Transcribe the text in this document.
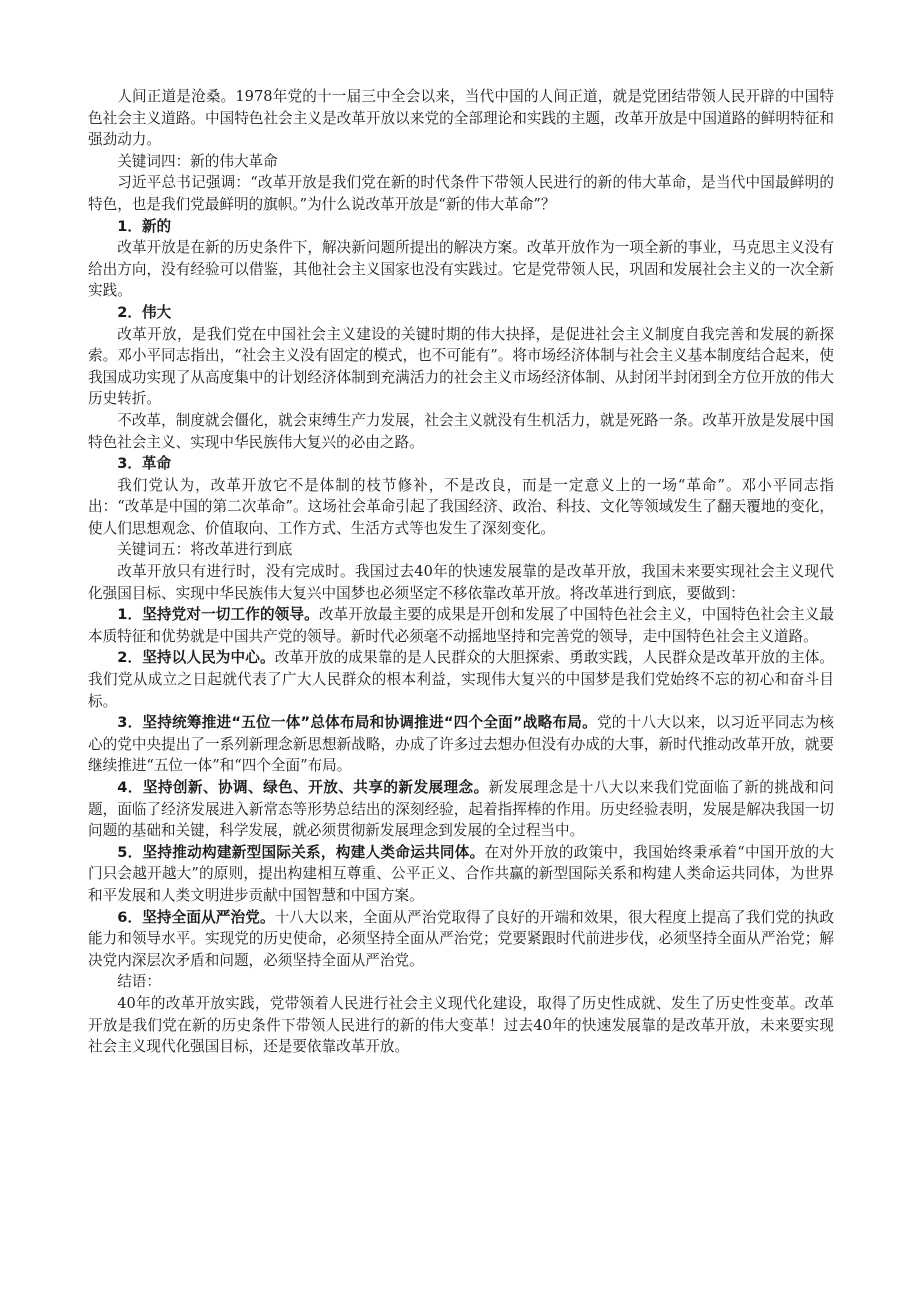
人间正道是沧桑。1978年党的十一届三中全会以来，当代中国的人间正道，就是党团结带领人民开辟的中国特色社会主义道路。中国特色社会主义是改革开放以来党的全部理论和实践的主题，改革开放是中国道路的鲜明特征和强劲动力。

关键词四：新的伟大革命

习近平总书记强调：“改革开放是我们党在新的时代条件下带领人民进行的新的伟大革命，是当代中国最鲜明的特色，也是我们党最鲜明的旗帜。”为什么说改革开放是“新的伟大革命”？

1．新的

改革开放是在新的历史条件下，解决新问题所提出的解决方案。改革开放作为一项全新的事业，马克思主义没有给出方向，没有经验可以借鉴，其他社会主义国家也没有实践过。它是党带领人民，巩固和发展社会主义的一次全新实践。

2．伟大

改革开放，是我们党在中国社会主义建设的关键时期的伟大抉择，是促进社会主义制度自我完善和发展的新探索。邓小平同志指出，“社会主义没有固定的模式，也不可能有”。将市场经济体制与社会主义基本制度结合起来，使我国成功实现了从高度集中的计划经济体制到充满活力的社会主义市场经济体制、从封闭半封闭到全方位开放的伟大历史转折。

不改革，制度就会僵化，就会束缚生产力发展，社会主义就没有生机活力，就是死路一条。改革开放是发展中国特色社会主义、实现中华民族伟大复兴的必由之路。

3．革命

我们党认为，改革开放它不是体制的枝节修补，不是改良，而是一定意义上的一场“革命”。邓小平同志指出：“改革是中国的第二次革命”。这场社会革命引起了我国经济、政治、科技、文化等领域发生了翻天覆地的变化，使人们思想观念、价值取向、工作方式、生活方式等也发生了深刻变化。

关键词五：将改革进行到底

改革开放只有进行时，没有完成时。我国过去40年的快速发展靠的是改革开放，我国未来要实现社会主义现代化强国目标、实现中华民族伟大复兴中国梦也必须坚定不移依靠改革开放。将改革进行到底，要做到：

1．坚持党对一切工作的领导。改革开放最主要的成果是开创和发展了中国特色社会主义，中国特色社会主义最本质特征和优势就是中国共产党的领导。新时代必须毫不动摇地坚持和完善党的领导，走中国特色社会主义道路。

2．坚持以人民为中心。改革开放的成果靠的是人民群众的大胆探索、勇敢实践，人民群众是改革开放的主体。我们党从成立之日起就代表了广大人民群众的根本利益，实现伟大复兴的中国梦是我们党始终不忘的初心和奋斗目标。

3．坚持统筹推进“五位一体”总体布局和协调推进“四个全面”战略布局。党的十八大以来，以习近平同志为核心的党中央提出了一系列新理念新思想新战略，办成了许多过去想办但没有办成的大事，新时代推动改革开放，就要继续推进“五位一体”和“四个全面”布局。

4．坚持创新、协调、绿色、开放、共享的新发展理念。新发展理念是十八大以来我们党面临了新的挑战和问题，面临了经济发展进入新常态等形势总结出的深刻经验，起着指挥棒的作用。历史经验表明，发展是解决我国一切问题的基础和关键，科学发展，就必须贯彻新发展理念到发展的全过程当中。

5．坚持推动构建新型国际关系，构建人类命运共同体。在对外开放的政策中，我国始终秉承着“中国开放的大门只会越开越大”的原则，提出构建相互尊重、公平正义、合作共赢的新型国际关系和构建人类命运共同体，为世界和平发展和人类文明进步贡献中国智慧和中国方案。

6．坚持全面从严治党。十八大以来，全面从严治党取得了良好的开端和效果，很大程度上提高了我们党的执政能力和领导水平。实现党的历史使命，必须坚持全面从严治党；党要紧跟时代前进步伐，必须坚持全面从严治党；解决党内深层次矛盾和问题，必须坚持全面从严治党。

结语：

40年的改革开放实践，党带领着人民进行社会主义现代化建设，取得了历史性成就、发生了历史性变革。改革开放是我们党在新的历史条件下带领人民进行的新的伟大变革！过去40年的快速发展靠的是改革开放，未来要实现社会主义现代化强国目标，还是要依靠改革开放。
